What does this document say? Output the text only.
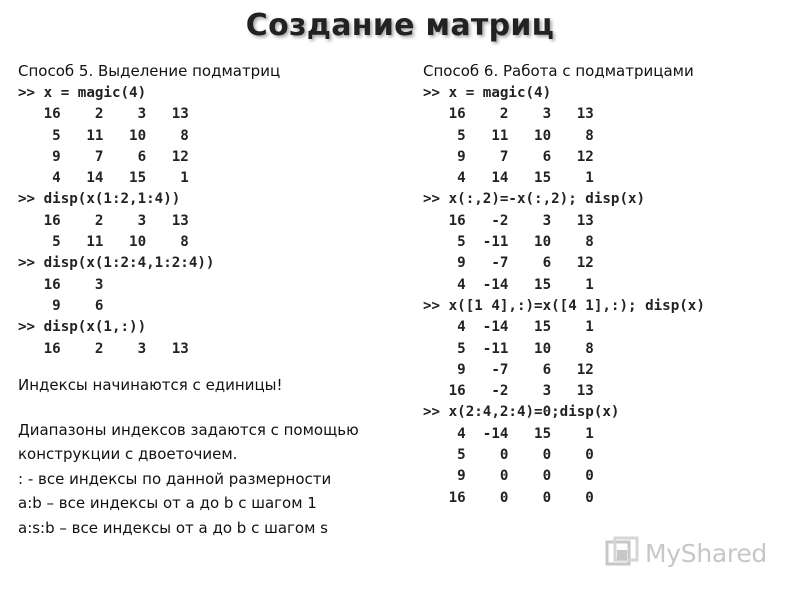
Создание матриц
Способ 5. Выделение подматриц
>> x = magic(4)
16    2    3   13
5   11   10    8
9    7    6   12
4   14   15    1
>> disp(x(1:2,1:4))
16    2    3   13
5   11   10    8
>> disp(x(1:2:4,1:2:4))
16    3
9    6
>> disp(x(1,:))
16    2    3   13
Индексы начинаются с единицы!
Диапазоны индексов задаются с помощью
конструкции с двоеточием.
: - все индексы по данной размерности
a:b – все индексы от a до b с шагом 1
a:s:b – все индексы от a до b с шагом s
Способ 6. Работа с подматрицами
>> x = magic(4)
16    2    3   13
5   11   10    8
9    7    6   12
4   14   15    1
>> x(:,2)=-x(:,2); disp(x)
16   -2    3   13
5  -11   10    8
9   -7    6   12
4  -14   15    1
>> x([1 4],:)=x([4 1],:); disp(x)
4  -14   15    1
5  -11   10    8
9   -7    6   12
16   -2    3   13
>> x(2:4,2:4)=0;disp(x)
4  -14   15    1
5    0    0    0
9    0    0    0
16    0    0    0
MyShared
